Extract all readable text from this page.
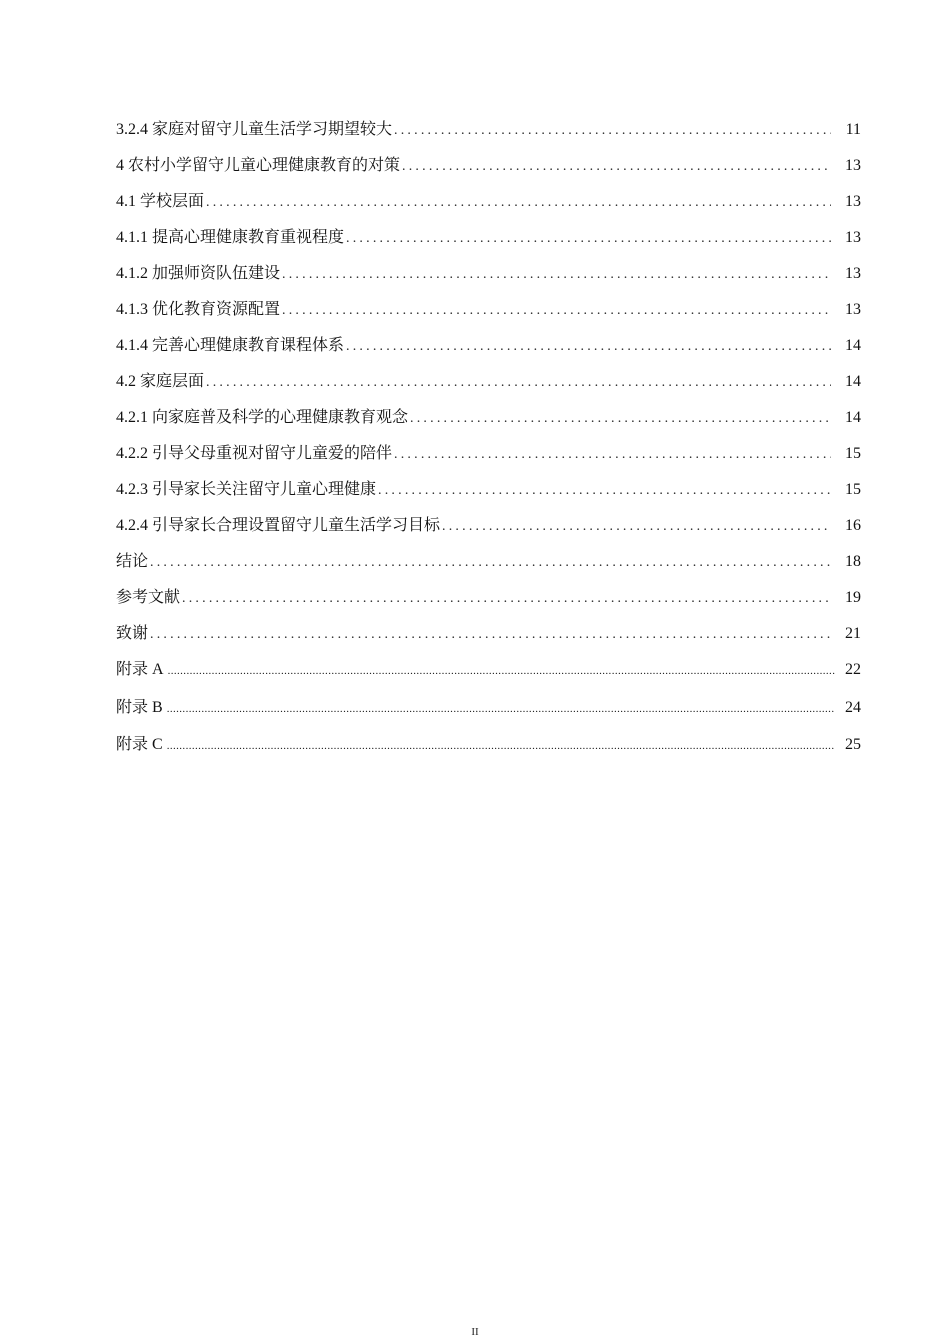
3.2.4 家庭对留守儿童生活学习期望较大 .....	11
4 农村小学留守儿童心理健康教育的对策 .....	13
4.1 学校层面 .....	13
4.1.1 提高心理健康教育重视程度 .....	13
4.1.2 加强师资队伍建设 .....	13
4.1.3 优化教育资源配置 .....	13
4.1.4 完善心理健康教育课程体系 .....	14
4.2 家庭层面 .....	14
4.2.1 向家庭普及科学的心理健康教育观念 .....	14
4.2.2 引导父母重视对留守儿童爱的陪伴 .....	15
4.2.3 引导家长关注留守儿童心理健康 .....	15
4.2.4 引导家长合理设置留守儿童生活学习目标 .....	16
结论 .....	18
参考文献 .....	19
致谢 .....	21
附录 A .....	22
附录 B .....	24
附录 C .....	25
II
